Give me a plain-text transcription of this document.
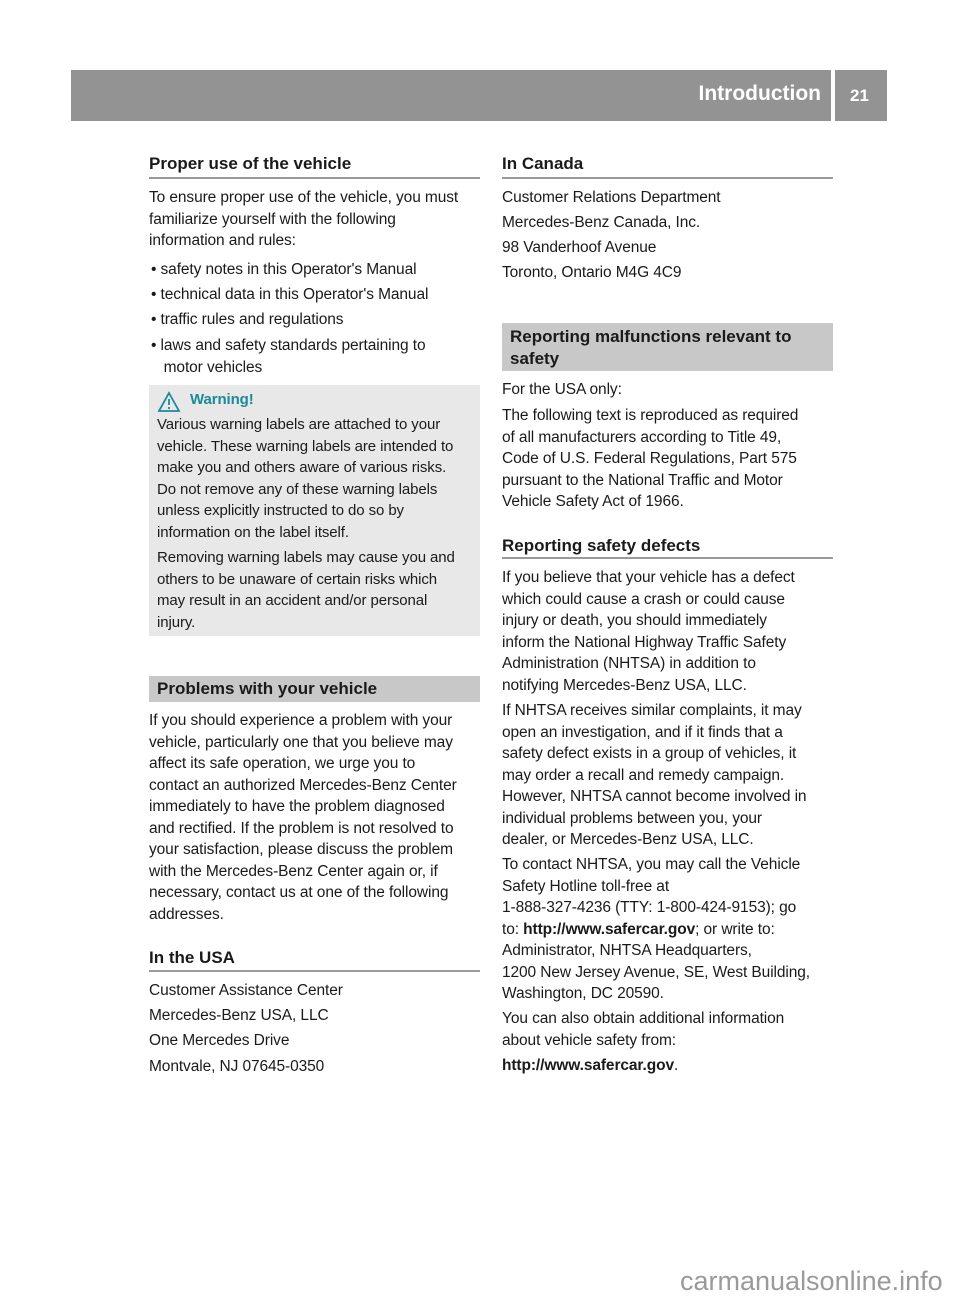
Introduction 21
Proper use of the vehicle
To ensure proper use of the vehicle, you must
familiarize yourself with the following
information and rules:
• safety notes in this Operator's Manual
• technical data in this Operator's Manual
• traffic rules and regulations
• laws and safety standards pertaining to
motor vehicles
Warning!
Various warning labels are attached to your
vehicle. These warning labels are intended to
make you and others aware of various risks.
Do not remove any of these warning labels
unless explicitly instructed to do so by
information on the label itself.
Removing warning labels may cause you and
others to be unaware of certain risks which
may result in an accident and/or personal
injury.
Problems with your vehicle
If you should experience a problem with your
vehicle, particularly one that you believe may
affect its safe operation, we urge you to
contact an authorized Mercedes-Benz Center
immediately to have the problem diagnosed
and rectified. If the problem is not resolved to
your satisfaction, please discuss the problem
with the Mercedes-Benz Center again or, if
necessary, contact us at one of the following
addresses.
In the USA
Customer Assistance Center
Mercedes-Benz USA, LLC
One Mercedes Drive
Montvale, NJ 07645-0350
In Canada
Customer Relations Department
Mercedes-Benz Canada, Inc.
98 Vanderhoof Avenue
Toronto, Ontario M4G 4C9
Reporting malfunctions relevant to
safety
For the USA only:
The following text is reproduced as required
of all manufacturers according to Title 49,
Code of U.S. Federal Regulations, Part 575
pursuant to the National Traffic and Motor
Vehicle Safety Act of 1966.
Reporting safety defects
If you believe that your vehicle has a defect
which could cause a crash or could cause
injury or death, you should immediately
inform the National Highway Traffic Safety
Administration (NHTSA) in addition to
notifying Mercedes-Benz USA, LLC.
If NHTSA receives similar complaints, it may
open an investigation, and if it finds that a
safety defect exists in a group of vehicles, it
may order a recall and remedy campaign.
However, NHTSA cannot become involved in
individual problems between you, your
dealer, or Mercedes-Benz USA, LLC.
To contact NHTSA, you may call the Vehicle
Safety Hotline toll-free at
1-888-327-4236 (TTY: 1-800-424-9153); go
to: http://www.safercar.gov; or write to:
Administrator, NHTSA Headquarters,
1200 New Jersey Avenue, SE, West Building,
Washington, DC 20590.
You can also obtain additional information
about vehicle safety from:
http://www.safercar.gov.
carmanualsonline.info
